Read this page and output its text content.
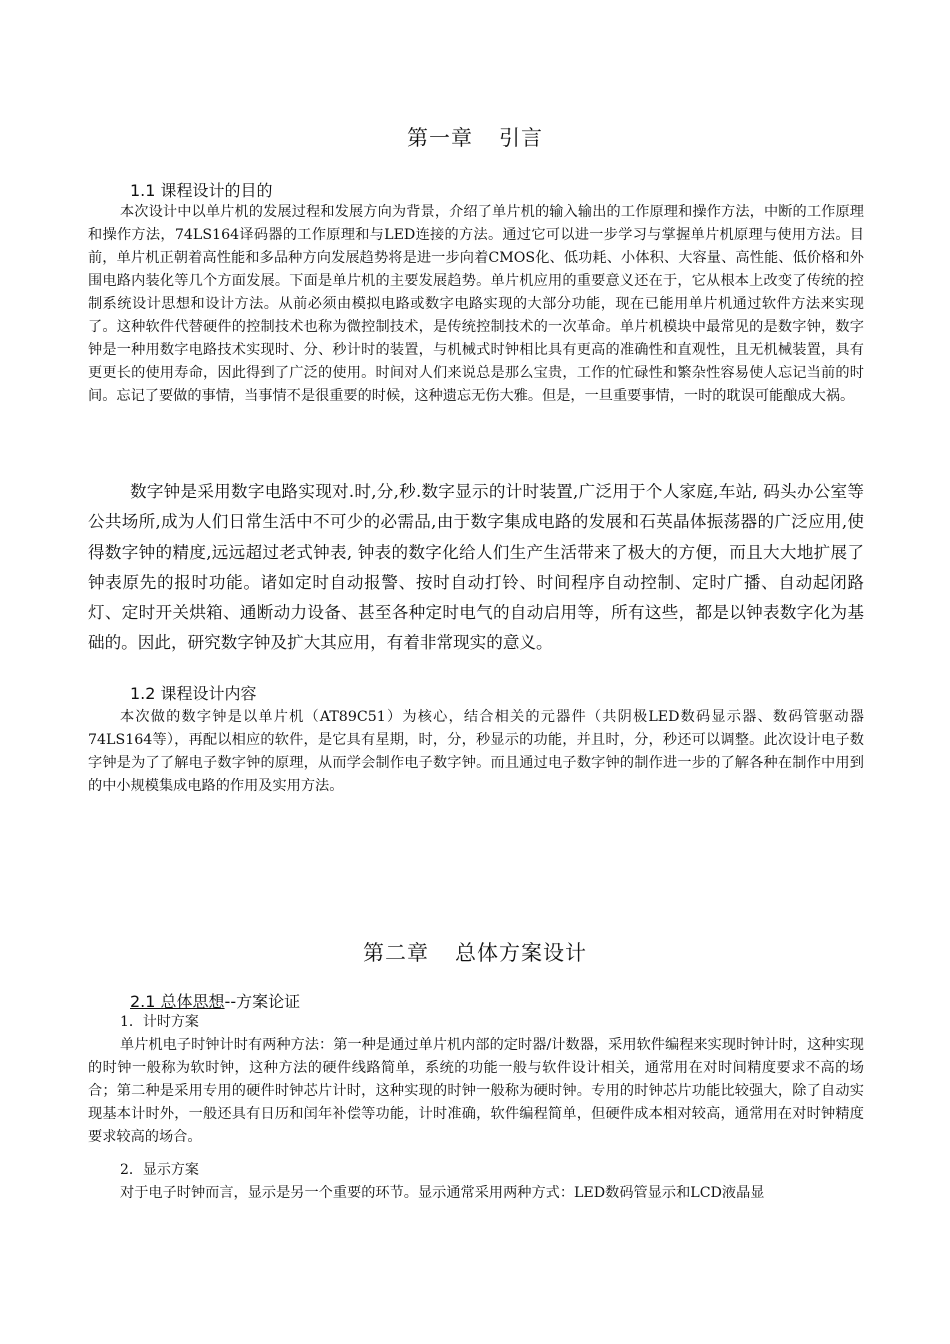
第一章 引言
1.1 课程设计的目的

本次设计中以单片机的发展过程和发展方向为背景，介绍了单片机的输入输出的工作原理和操作方法，中断的工作原理和操作方法，74LS164译码器的工作原理和与LED连接的方法。通过它可以进一步学习与掌握单片机原理与使用方法。目前，单片机正朝着高性能和多品种方向发展趋势将是进一步向着CMOS化、低功耗、小体积、大容量、高性能、低价格和外围电路内装化等几个方面发展。下面是单片机的主要发展趋势。单片机应用的重要意义还在于，它从根本上改变了传统的控制系统设计思想和设计方法。从前必须由模拟电路或数字电路实现的大部分功能，现在已能用单片机通过软件方法来实现了。这种软件代替硬件的控制技术也称为微控制技术，是传统控制技术的一次革命。单片机模块中最常见的是数字钟，数字钟是一种用数字电路技术实现时、分、秒计时的装置，与机械式时钟相比具有更高的准确性和直观性，且无机械装置，具有更更长的使用寿命，因此得到了广泛的使用。时间对人们来说总是那么宝贵，工作的忙碌性和繁杂性容易使人忘记当前的时间。忘记了要做的事情，当事情不是很重要的时候，这种遗忘无伤大雅。但是，一旦重要事情，一时的耽误可能酿成大祸。

数字钟是采用数字电路实现对.时,分,秒.数字显示的计时装置,广泛用于个人家庭,车站, 码头办公室等公共场所,成为人们日常生活中不可少的必需品,由于数字集成电路的发展和石英晶体振荡器的广泛应用,使得数字钟的精度,远远超过老式钟表, 钟表的数字化给人们生产生活带来了极大的方便，而且大大地扩展了钟表原先的报时功能。诸如定时自动报警、按时自动打铃、时间程序自动控制、定时广播、自动起闭路灯、定时开关烘箱、通断动力设备、甚至各种定时电气的自动启用等，所有这些，都是以钟表数字化为基础的。因此，研究数字钟及扩大其应用，有着非常现实的意义。

1.2 课程设计内容

本次做的数字钟是以单片机（AT89C51）为核心，结合相关的元器件（共阴极LED数码显示器、数码管驱动器74LS164等），再配以相应的软件，是它具有星期，时，分，秒显示的功能，并且时，分，秒还可以调整。此次设计电子数字钟是为了了解电子数字钟的原理，从而学会制作电子数字钟。而且通过电子数字钟的制作进一步的了解各种在制作中用到的中小规模集成电路的作用及实用方法。

第二章 总体方案设计
2.1 总体思想--方案论证
1．计时方案

单片机电子时钟计时有两种方法：第一种是通过单片机内部的定时器/计数器，采用软件编程来实现时钟计时，这种实现的时钟一般称为软时钟，这种方法的硬件线路简单，系统的功能一般与软件设计相关，通常用在对时间精度要求不高的场合；第二种是采用专用的硬件时钟芯片计时，这种实现的时钟一般称为硬时钟。专用的时钟芯片功能比较强大，除了自动实现基本计时外，一般还具有日历和闰年补偿等功能，计时准确，软件编程简单，但硬件成本相对较高，通常用在对时钟精度要求较高的场合。

2．显示方案

对于电子时钟而言，显示是另一个重要的环节。显示通常采用两种方式：LED数码管显示和LCD液晶显
